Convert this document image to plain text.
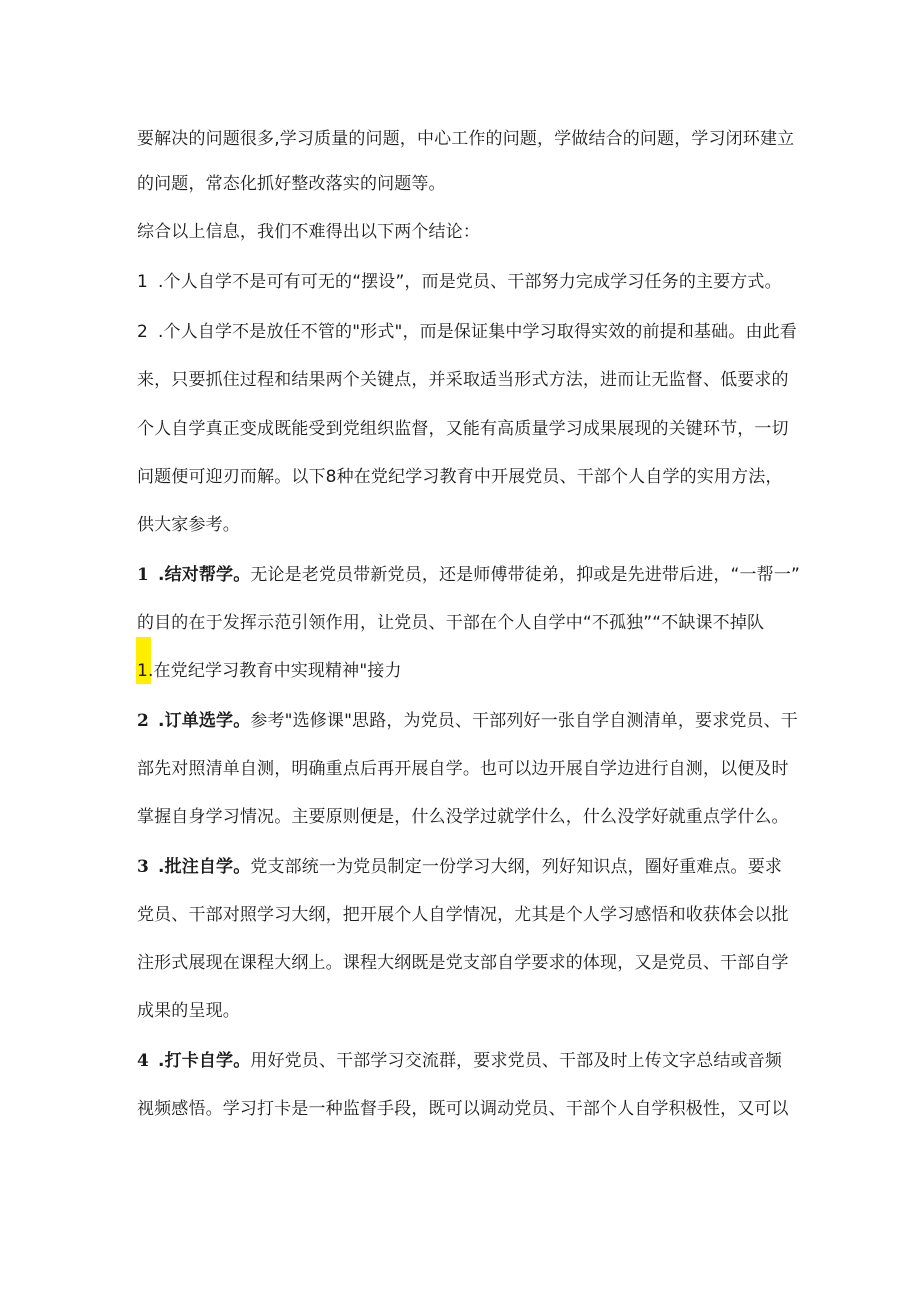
要解决的问题很多,学习质量的问题，中心工作的问题，学做结合的问题，学习闭环建立
的问题，常态化抓好整改落实的问题等。
综合以上信息，我们不难得出以下两个结论：
1 .个人自学不是可有可无的“摆设”，而是党员、干部努力完成学习任务的主要方式。
2 .个人自学不是放任不管的"形式"，而是保证集中学习取得实效的前提和基础。由此看
来，只要抓住过程和结果两个关键点，并采取适当形式方法，进而让无监督、低要求的
个人自学真正变成既能受到党组织监督，又能有高质量学习成果展现的关键环节，一切
问题便可迎刃而解。以下8种在党纪学习教育中开展党员、干部个人自学的实用方法，
供大家参考。
1 .结对帮学。无论是老党员带新党员，还是师傅带徒弟，抑或是先进带后进，“一帮一”
的目的在于发挥示范引领作用，让党员、干部在个人自学中“不孤独”“不缺课不掉队
1.在党纪学习教育中实现精神"接力
2 .订单选学。参考"选修课"思路，为党员、干部列好一张自学自测清单，要求党员、干
部先对照清单自测，明确重点后再开展自学。也可以边开展自学边进行自测，以便及时
掌握自身学习情况。主要原则便是，什么没学过就学什么，什么没学好就重点学什么。
3 .批注自学。党支部统一为党员制定一份学习大纲，列好知识点，圈好重难点。要求
党员、干部对照学习大纲，把开展个人自学情况，尤其是个人学习感悟和收获体会以批
注形式展现在课程大纲上。课程大纲既是党支部自学要求的体现，又是党员、干部自学
成果的呈现。
4 .打卡自学。用好党员、干部学习交流群，要求党员、干部及时上传文字总结或音频
视频感悟。学习打卡是一种监督手段，既可以调动党员、干部个人自学积极性，又可以
